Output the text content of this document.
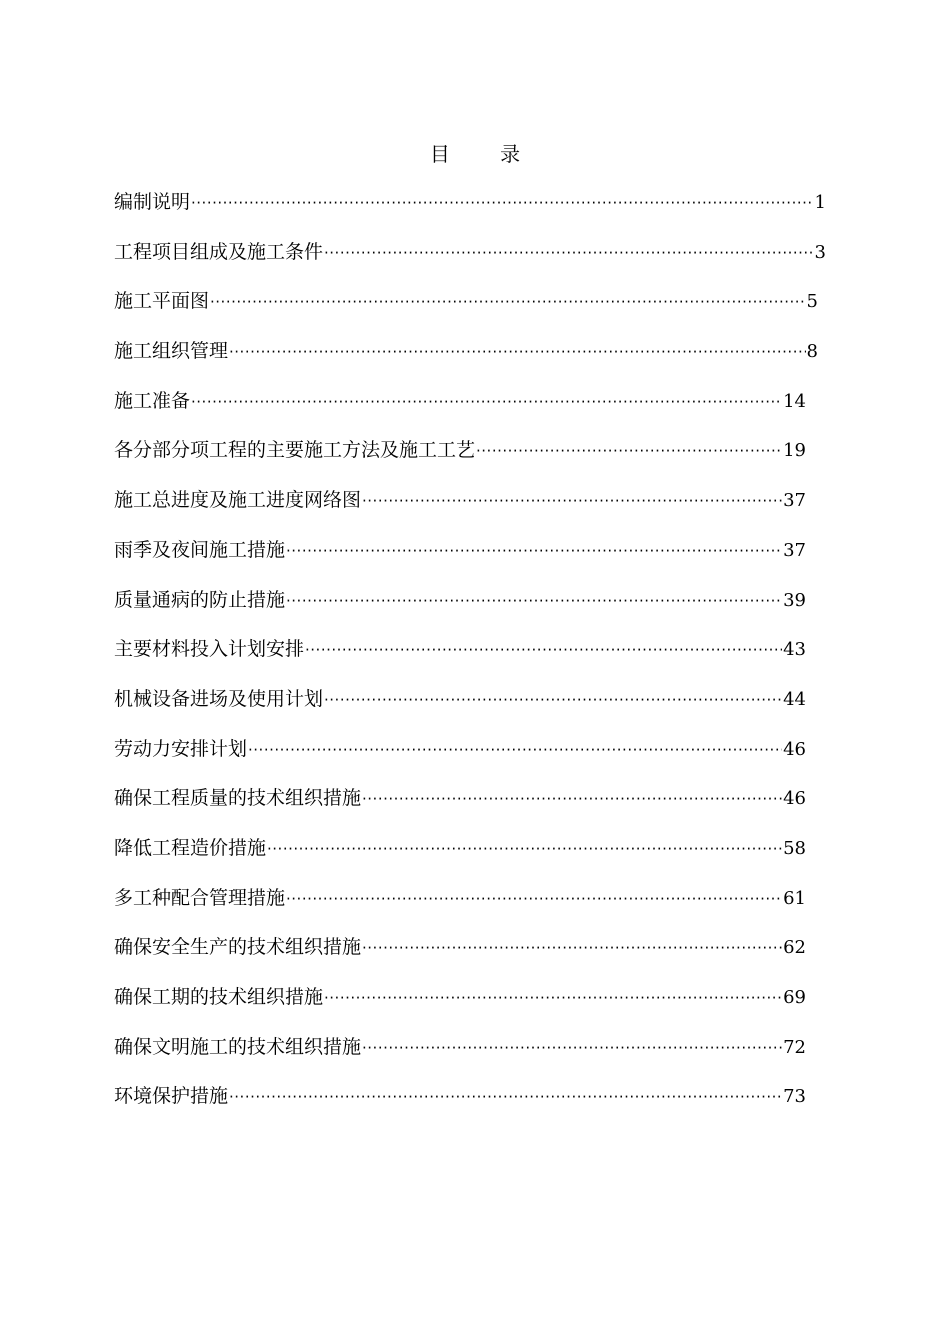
目 录
编制说明 ·····	1
工程项目组成及施工条件 ·····	3
施工平面图 ·····	5
施工组织管理 ·····	8
施工准备 ·····	14
各分部分项工程的主要施工方法及施工工艺 ·····	19
施工总进度及施工进度网络图 ·····	37
雨季及夜间施工措施 ·····	37
质量通病的防止措施 ·····	39
主要材料投入计划安排 ·····	43
机械设备进场及使用计划 ·····	44
劳动力安排计划 ·····	46
确保工程质量的技术组织措施 ·····	46
降低工程造价措施 ·····	58
多工种配合管理措施 ·····	61
确保安全生产的技术组织措施 ·····	62
确保工期的技术组织措施 ·····	69
确保文明施工的技术组织措施 ·····	72
环境保护措施 ·····	73
